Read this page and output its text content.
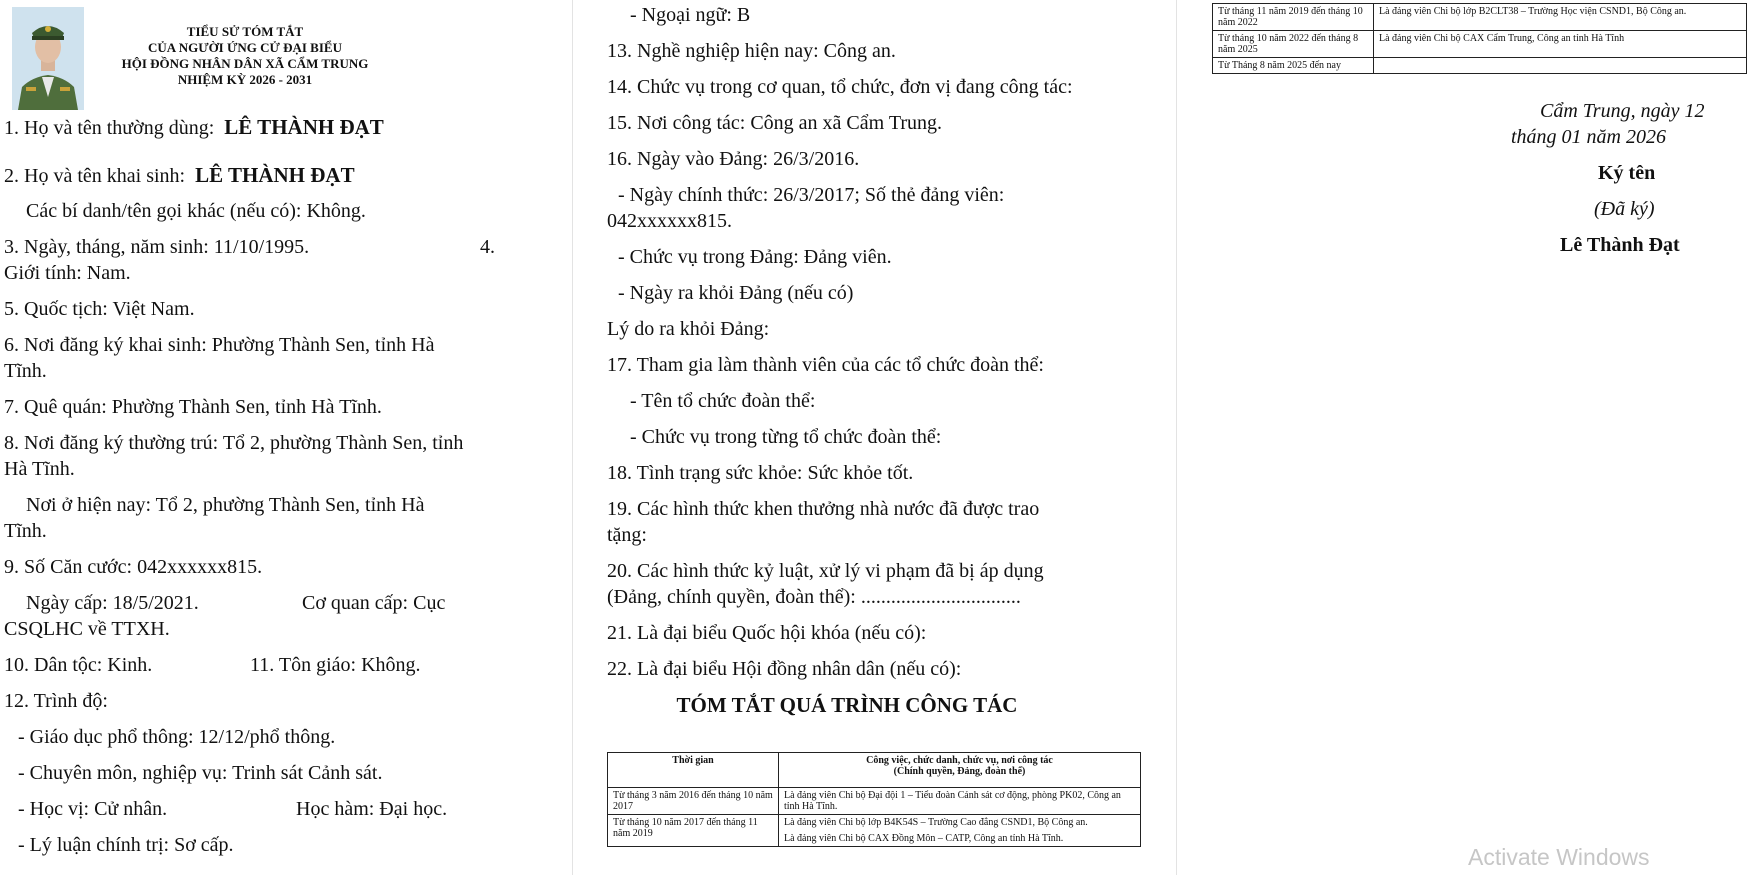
TIỂU SỬ TÓM TẮT
CỦA NGƯỜI ỨNG CỬ ĐẠI BIỂU
HỘI ĐỒNG NHÂN DÂN XÃ CẨM TRUNG
NHIỆM KỲ 2026 - 2031
1. Họ và tên thường dùng: LÊ THÀNH ĐẠT
2. Họ và tên khai sinh: LÊ THÀNH ĐẠT
Các bí danh/tên gọi khác (nếu có): Không.
3. Ngày, tháng, năm sinh: 11/10/1995.	4.
Giới tính: Nam.
5. Quốc tịch: Việt Nam.
6. Nơi đăng ký khai sinh: Phường Thành Sen, tỉnh Hà
Tĩnh.
7. Quê quán: Phường Thành Sen, tỉnh Hà Tĩnh.
8. Nơi đăng ký thường trú: Tổ 2, phường Thành Sen, tỉnh
Hà Tĩnh.
Nơi ở hiện nay: Tổ 2, phường Thành Sen, tỉnh Hà
Tĩnh.
9. Số Căn cước: 042xxxxxx815.
Ngày cấp: 18/5/2021.	Cơ quan cấp: Cục
CSQLHC về TTXH.
10. Dân tộc: Kinh.	11. Tôn giáo: Không.
12. Trình độ:
- Giáo dục phổ thông: 12/12/phổ thông.
- Chuyên môn, nghiệp vụ: Trinh sát Cảnh sát.
- Học vị: Cử nhân.	Học hàm: Đại học.
- Lý luận chính trị: Sơ cấp.
- Ngoại ngữ: B
13. Nghề nghiệp hiện nay: Công an.
14. Chức vụ trong cơ quan, tổ chức, đơn vị đang công tác:
15. Nơi công tác: Công an xã Cẩm Trung.
16. Ngày vào Đảng: 26/3/2016.
- Ngày chính thức: 26/3/2017; Số thẻ đảng viên:
042xxxxxx815.
- Chức vụ trong Đảng: Đảng viên.
- Ngày ra khỏi Đảng (nếu có)
Lý do ra khỏi Đảng:
17. Tham gia làm thành viên của các tổ chức đoàn thể:
- Tên tổ chức đoàn thể:
- Chức vụ trong từng tổ chức đoàn thể:
18. Tình trạng sức khỏe: Sức khỏe tốt.
19. Các hình thức khen thưởng nhà nước đã được trao
tặng:
20. Các hình thức kỷ luật, xử lý vi phạm đã bị áp dụng
(Đảng, chính quyền, đoàn thể): ................................
21. Là đại biểu Quốc hội khóa (nếu có):
22. Là đại biểu Hội đồng nhân dân (nếu có):
TÓM TẮT QUÁ TRÌNH CÔNG TÁC
Thời gian	Công việc, chức danh, chức vụ, nơi công tác
(Chính quyền, Đảng, đoàn thể)

Từ tháng 3 năm 2016 đến tháng 10 năm 2017	Là đảng viên Chi bộ Đại đội 1 – Tiểu đoàn Cảnh sát cơ động, phòng PK02, Công an tỉnh Hà Tĩnh.
Từ tháng 10 năm 2017 đến tháng 11 năm 2019	Là đảng viên Chi bộ lớp B4K54S – Trường Cao đẳng CSND1, Bộ Công an.
Là đảng viên Chi bộ CAX Đồng Môn – CATP, Công an tỉnh Hà Tĩnh.
Từ tháng 11 năm 2019 đến tháng 10 năm 2022	Là đảng viên Chi bộ lớp B2CLT38 – Trường Học viện CSND1, Bộ Công an.
Từ tháng 10 năm 2022 đến tháng 8 năm 2025	Là đảng viên Chi bộ CAX Cẩm Trung, Công an tỉnh Hà Tĩnh
Từ Tháng 8 năm 2025 đến nay	
Cẩm Trung, ngày 12
tháng 01 năm 2026
Ký tên
(Đã ký)
Lê Thành Đạt
Activate Windows
